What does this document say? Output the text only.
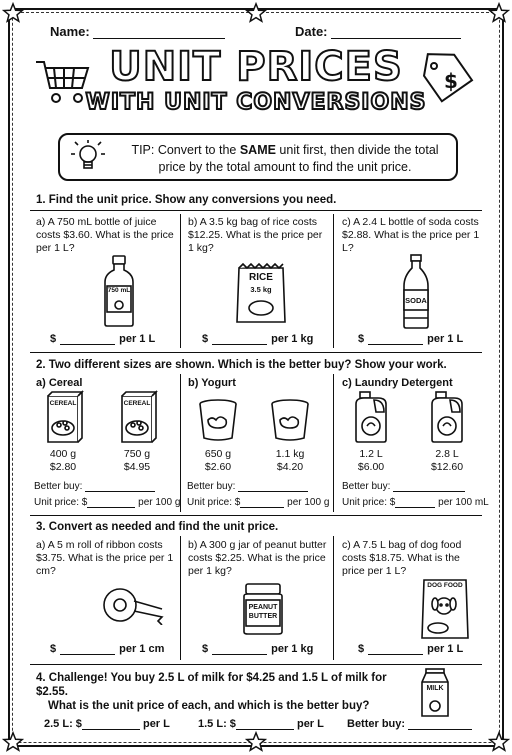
Name:	Date:
UNIT PRICES
WITH UNIT CONVERSIONS
$
TIP: Convert to the SAME unit first, then divide the total price by the total amount to find the unit price.
1. Find the unit price. Show any conversions you need.
a) A 750 mL bottle of juice costs $3.60. What is the price per 1 L?
750 mL
$	per 1 L
b) A 3.5 kg bag of rice costs $12.25. What is the price per 1 kg?
RICE
3.5 kg
$	per 1 kg
c) A 2.4 L bottle of soda costs $2.88. What is the price per 1 L?
SODA
$	per 1 L
2. Two different sizes are shown. Which is the better buy? Show your work.
a) Cereal
CEREAL	CEREAL
400 g
$2.80
750 g
$4.95
Better buy:
Unit price: $	per 100 g
b) Yogurt
650 g
$2.60
1.1 kg
$4.20
Better buy:
Unit price: $	per 100 g
c) Laundry Detergent
1.2 L
$6.00
2.8 L
$12.60
Better buy:
Unit price: $	per 100 mL
3. Convert as needed and find the unit price.
a) A 5 m roll of ribbon costs $3.75. What is the price per 1 cm?
$	per 1 cm
b) A 300 g jar of peanut butter costs $2.25. What is the price per 1 kg?
PEANUT
BUTTER
$	per 1 kg
c) A 7.5 L bag of dog food costs $18.75. What is the price per 1 L?
DOG FOOD
$	per 1 L
4. Challenge! You buy 2.5 L of milk for $4.25 and 1.5 L of milk for $2.55.
What is the unit price of each, and which is the better buy?
MILK
2.5 L: $	per L	1.5 L: $	per L Better buy:
